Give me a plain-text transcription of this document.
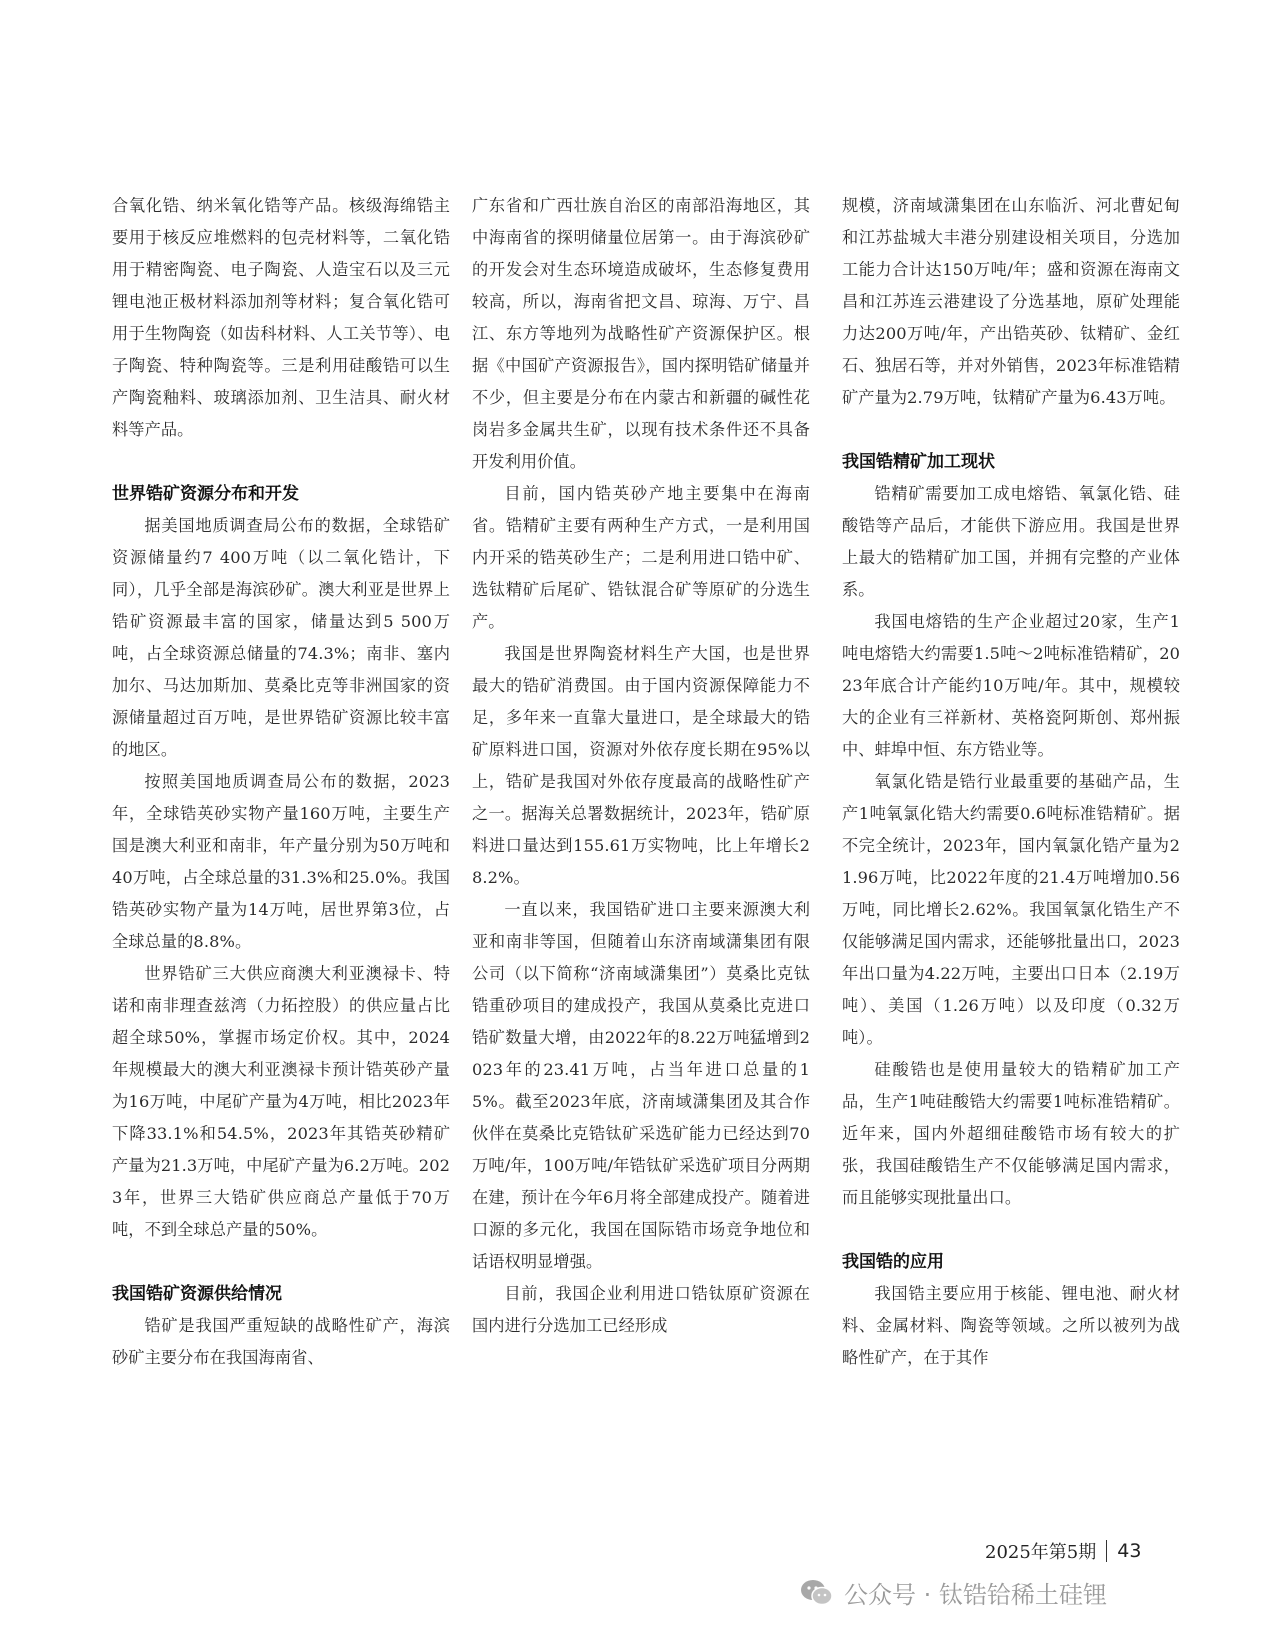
合氧化锆、纳米氧化锆等产品。核级海绵锆主要用于核反应堆燃料的包壳材料等，二氧化锆用于精密陶瓷、电子陶瓷、人造宝石以及三元锂电池正极材料添加剂等材料；复合氧化锆可用于生物陶瓷（如齿科材料、人工关节等）、电子陶瓷、特种陶瓷等。三是利用硅酸锆可以生产陶瓷釉料、玻璃添加剂、卫生洁具、耐火材料等产品。

世界锆矿资源分布和开发

据美国地质调查局公布的数据，全球锆矿资源储量约7 400万吨（以二氧化锆计，下同），几乎全部是海滨砂矿。澳大利亚是世界上锆矿资源最丰富的国家，储量达到5 500万吨，占全球资源总储量的74.3%；南非、塞内加尔、马达加斯加、莫桑比克等非洲国家的资源储量超过百万吨，是世界锆矿资源比较丰富的地区。

按照美国地质调查局公布的数据，2023年，全球锆英砂实物产量160万吨，主要生产国是澳大利亚和南非，年产量分别为50万吨和40万吨，占全球总量的31.3%和25.0%。我国锆英砂实物产量为14万吨，居世界第3位，占全球总量的8.8%。

世界锆矿三大供应商澳大利亚澳禄卡、特诺和南非理查兹湾（力拓控股）的供应量占比超全球50%，掌握市场定价权。其中，2024年规模最大的澳大利亚澳禄卡预计锆英砂产量为16万吨，中尾矿产量为4万吨，相比2023年下降33.1%和54.5%，2023年其锆英砂精矿产量为21.3万吨，中尾矿产量为6.2万吨。2023年，世界三大锆矿供应商总产量低于70万吨，不到全球总产量的50%。

我国锆矿资源供给情况

锆矿是我国严重短缺的战略性矿产，海滨砂矿主要分布在我国海南省、

广东省和广西壮族自治区的南部沿海地区，其中海南省的探明储量位居第一。由于海滨砂矿的开发会对生态环境造成破坏，生态修复费用较高，所以，海南省把文昌、琼海、万宁、昌江、东方等地列为战略性矿产资源保护区。根据《中国矿产资源报告》，国内探明锆矿储量并不少，但主要是分布在内蒙古和新疆的碱性花岗岩多金属共生矿，以现有技术条件还不具备开发利用价值。

目前，国内锆英砂产地主要集中在海南省。锆精矿主要有两种生产方式，一是利用国内开采的锆英砂生产；二是利用进口锆中矿、选钛精矿后尾矿、锆钛混合矿等原矿的分选生产。

我国是世界陶瓷材料生产大国，也是世界最大的锆矿消费国。由于国内资源保障能力不足，多年来一直靠大量进口，是全球最大的锆矿原料进口国，资源对外依存度长期在95%以上，锆矿是我国对外依存度最高的战略性矿产之一。据海关总署数据统计，2023年，锆矿原料进口量达到155.61万实物吨，比上年增长28.2%。

一直以来，我国锆矿进口主要来源澳大利亚和南非等国，但随着山东济南域潇集团有限公司（以下简称“济南域潇集团”）莫桑比克钛锆重砂项目的建成投产，我国从莫桑比克进口锆矿数量大增，由2022年的8.22万吨猛增到2023年的23.41万吨，占当年进口总量的15%。截至2023年底，济南域潇集团及其合作伙伴在莫桑比克锆钛矿采选矿能力已经达到70万吨/年，100万吨/年锆钛矿采选矿项目分两期在建，预计在今年6月将全部建成投产。随着进口源的多元化，我国在国际锆市场竞争地位和话语权明显增强。

目前，我国企业利用进口锆钛原矿资源在国内进行分选加工已经形成

规模，济南域潇集团在山东临沂、河北曹妃甸和江苏盐城大丰港分别建设相关项目，分选加工能力合计达150万吨/年；盛和资源在海南文昌和江苏连云港建设了分选基地，原矿处理能力达200万吨/年，产出锆英砂、钛精矿、金红石、独居石等，并对外销售，2023年标准锆精矿产量为2.79万吨，钛精矿产量为6.43万吨。

我国锆精矿加工现状

锆精矿需要加工成电熔锆、氧氯化锆、硅酸锆等产品后，才能供下游应用。我国是世界上最大的锆精矿加工国，并拥有完整的产业体系。

我国电熔锆的生产企业超过20家，生产1吨电熔锆大约需要1.5吨～2吨标准锆精矿，2023年底合计产能约10万吨/年。其中，规模较大的企业有三祥新材、英格瓷阿斯创、郑州振中、蚌埠中恒、东方锆业等。

氧氯化锆是锆行业最重要的基础产品，生产1吨氧氯化锆大约需要0.6吨标准锆精矿。据不完全统计，2023年，国内氧氯化锆产量为21.96万吨，比2022年度的21.4万吨增加0.56万吨，同比增长2.62%。我国氧氯化锆生产不仅能够满足国内需求，还能够批量出口，2023年出口量为4.22万吨，主要出口日本（2.19万吨）、美国（1.26万吨）以及印度（0.32万吨）。

硅酸锆也是使用量较大的锆精矿加工产品，生产1吨硅酸锆大约需要1吨标准锆精矿。近年来，国内外超细硅酸锆市场有较大的扩张，我国硅酸锆生产不仅能够满足国内需求，而且能够实现批量出口。

我国锆的应用

我国锆主要应用于核能、锂电池、耐火材料、金属材料、陶瓷等领域。之所以被列为战略性矿产，在于其作

2025年第5期 43
公众号 · 钛锆铪稀土硅锂
